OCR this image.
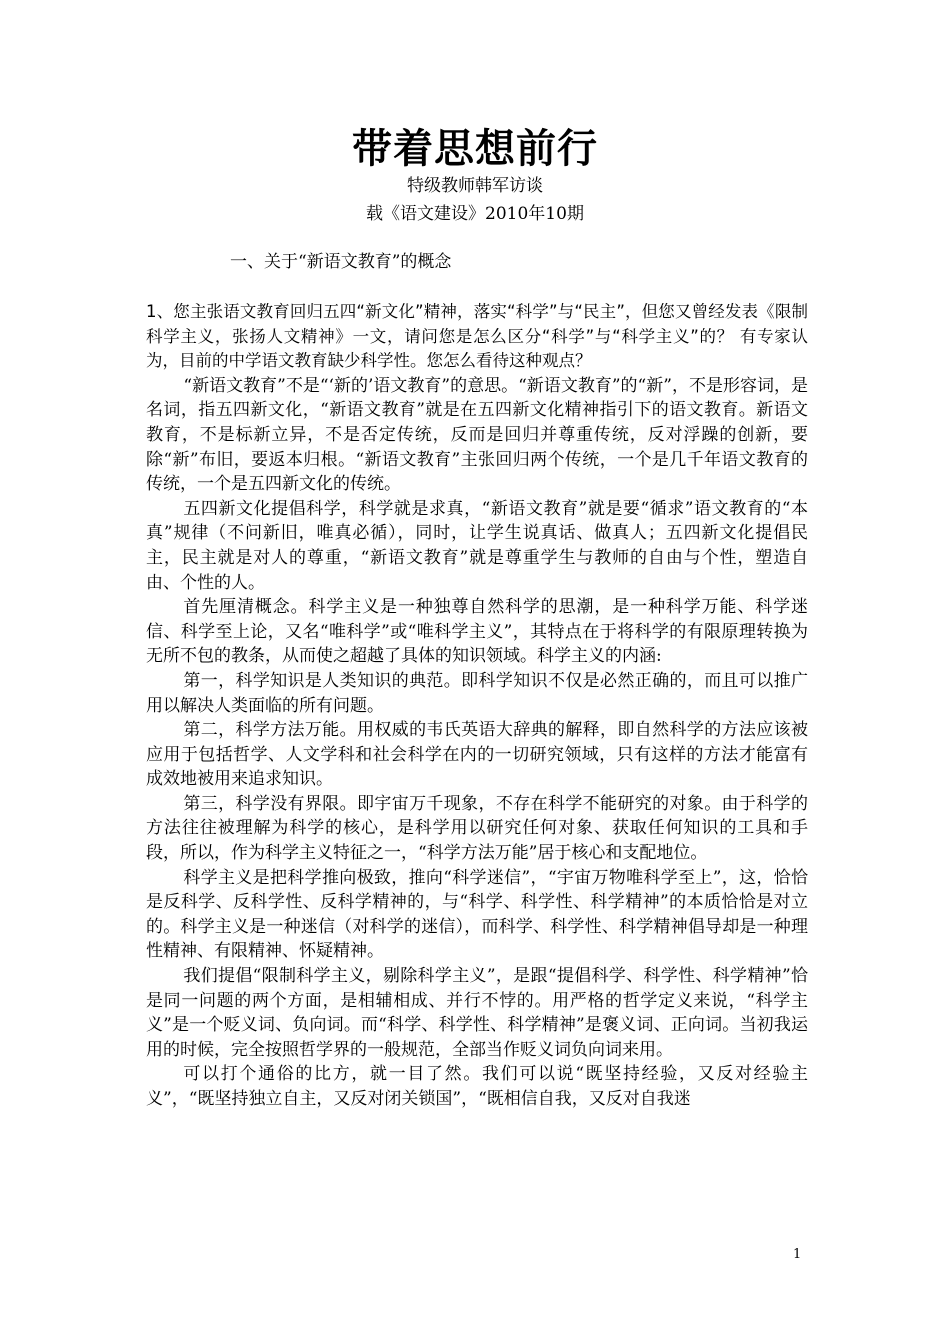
带着思想前行
特级教师韩军访谈
载《语文建设》2010年10期
一、关于“新语文教育”的概念

1、您主张语文教育回归五四“新文化”精神，落实“科学”与“民主”，但您又曾经发表《限制科学主义，张扬人文精神》一文，请问您是怎么区分“科学”与“科学主义”的？ 有专家认为，目前的中学语文教育缺少科学性。您怎么看待这种观点？

“新语文教育”不是“‘新的’语文教育”的意思。“新语文教育”的“新”，不是形容词，是名词，指五四新文化，“新语文教育”就是在五四新文化精神指引下的语文教育。新语文教育，不是标新立异，不是否定传统，反而是回归并尊重传统，反对浮躁的创新，要除“新”布旧，要返本归根。“新语文教育”主张回归两个传统，一个是几千年语文教育的传统，一个是五四新文化的传统。

五四新文化提倡科学，科学就是求真，“新语文教育”就是要“循求”语文教育的“本真”规律（不问新旧，唯真必循），同时，让学生说真话、做真人；五四新文化提倡民主，民主就是对人的尊重，“新语文教育”就是尊重学生与教师的自由与个性，塑造自由、个性的人。

首先厘清概念。科学主义是一种独尊自然科学的思潮，是一种科学万能、科学迷信、科学至上论，又名“唯科学”或“唯科学主义”，其特点在于将科学的有限原理转换为无所不包的教条，从而使之超越了具体的知识领域。科学主义的内涵:

第一，科学知识是人类知识的典范。即科学知识不仅是必然正确的，而且可以推广用以解决人类面临的所有问题。

第二，科学方法万能。用权威的韦氏英语大辞典的解释，即自然科学的方法应该被应用于包括哲学、人文学科和社会科学在内的一切研究领域，只有这样的方法才能富有成效地被用来追求知识。

第三，科学没有界限。即宇宙万千现象，不存在科学不能研究的对象。由于科学的方法往往被理解为科学的核心，是科学用以研究任何对象、获取任何知识的工具和手段，所以，作为科学主义特征之一，“科学方法万能”居于核心和支配地位。

科学主义是把科学推向极致，推向“科学迷信”，“宇宙万物唯科学至上”，这，恰恰是反科学、反科学性、反科学精神的，与“科学、科学性、科学精神”的本质恰恰是对立的。科学主义是一种迷信（对科学的迷信），而科学、科学性、科学精神倡导却是一种理性精神、有限精神、怀疑精神。

我们提倡“限制科学主义，剔除科学主义”，是跟“提倡科学、科学性、科学精神”恰是同一问题的两个方面，是相辅相成、并行不悖的。用严格的哲学定义来说，“科学主义”是一个贬义词、负向词。而“科学、科学性、科学精神”是褒义词、正向词。当初我运用的时候，完全按照哲学界的一般规范，全部当作贬义词负向词来用。

可以打个通俗的比方，就一目了然。我们可以说“既坚持经验，又反对经验主义”，“既坚持独立自主，又反对闭关锁国”，“既相信自我，又反对自我迷

1
